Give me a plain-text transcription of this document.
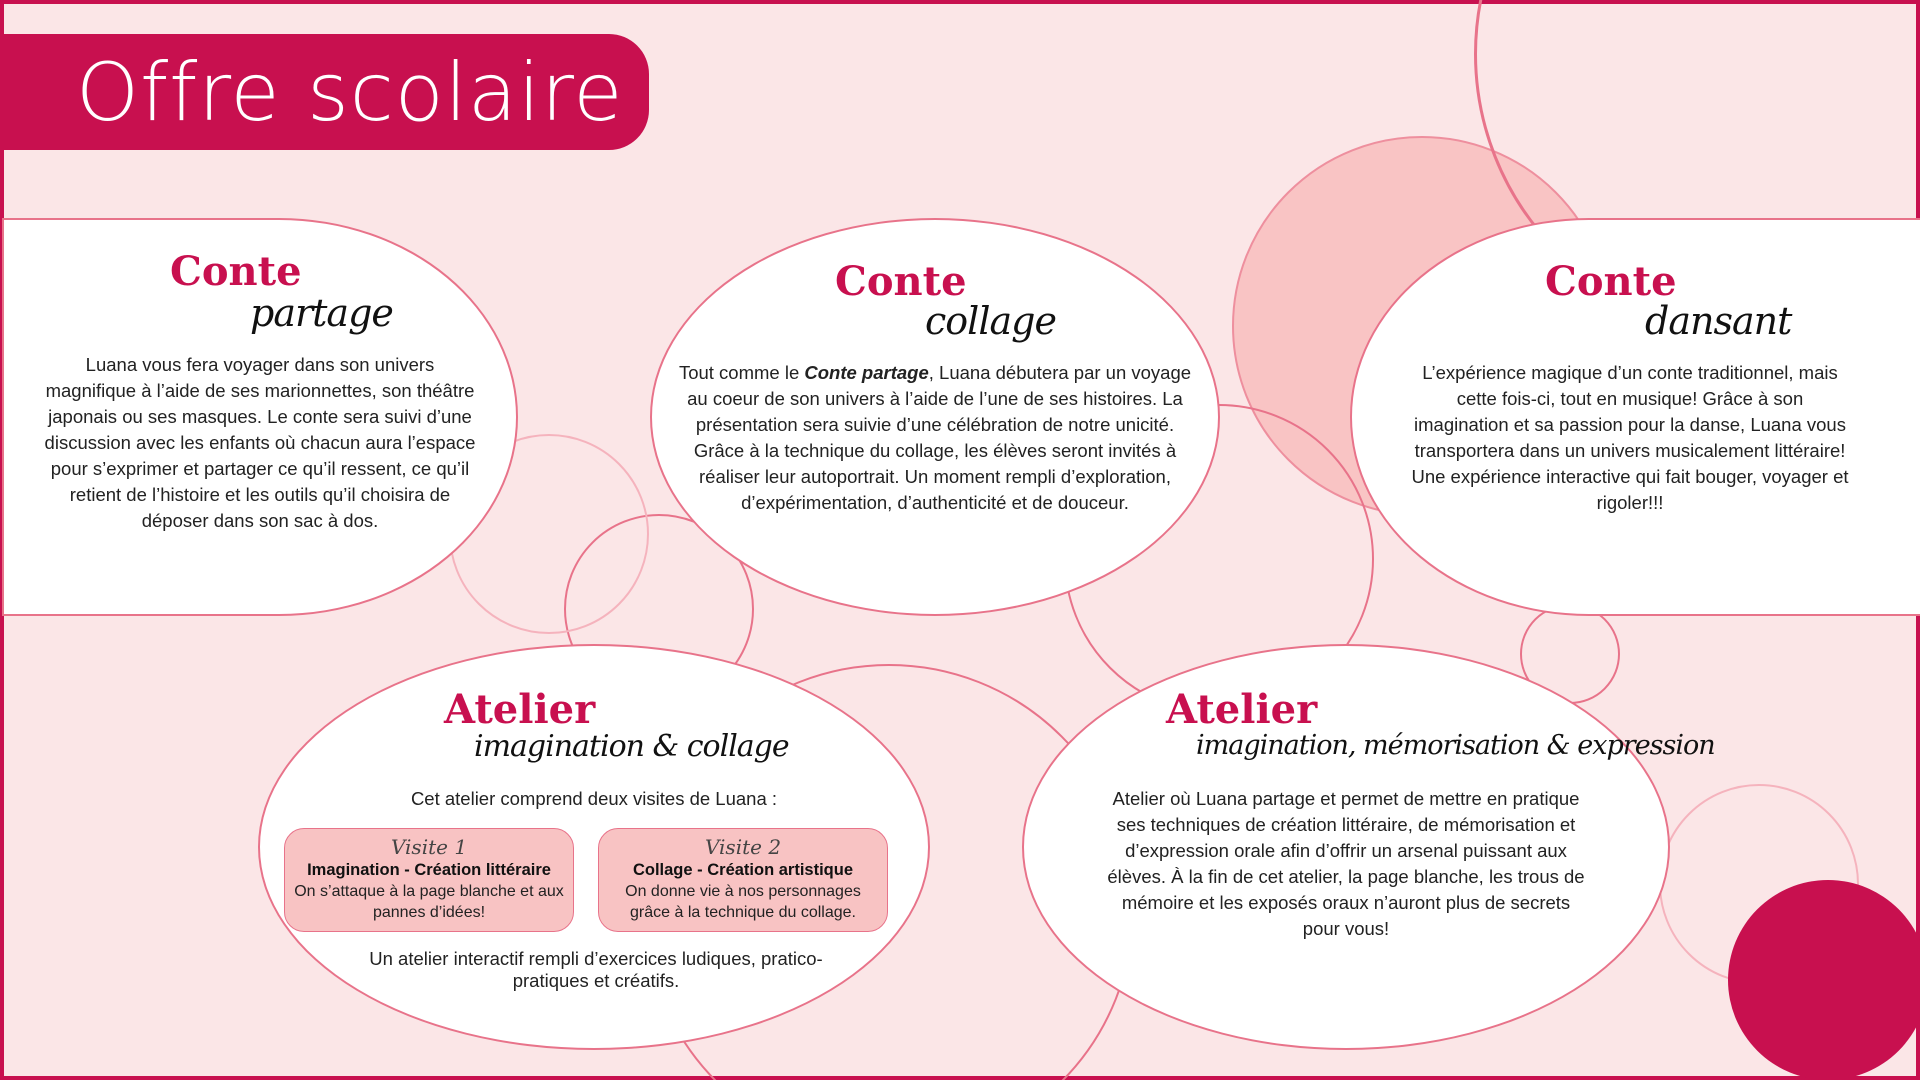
Offre scolaire
Conte
partage

Luana vous fera voyager dans son univers magnifique à l’aide de ses marionnettes, son théâtre japonais ou ses masques. Le conte sera suivi d’une discussion avec les enfants où chacun aura l’espace pour s’exprimer et partager ce qu’il ressent, ce qu’il retient de l’histoire et les outils qu’il choisira de déposer dans son sac à dos.

Conte
collage

Tout comme le Conte partage, Luana débutera par un voyage au coeur de son univers à l’aide de l’une de ses histoires. La présentation sera suivie d’une célébration de notre unicité. Grâce à la technique du collage, les élèves seront invités à réaliser leur autoportrait. Un moment rempli d’exploration, d’expérimentation, d’authenticité et de douceur.

Conte
dansant

L’expérience magique d’un conte traditionnel, mais cette fois-ci, tout en musique! Grâce à son imagination et sa passion pour la danse, Luana vous transportera dans un univers musicalement littéraire! Une expérience interactive qui fait bouger, voyager et rigoler!!!

Atelier
imagination & collage

Cet atelier comprend deux visites de Luana :

Visite 1
Imagination - Création littéraire
On s’attaque à la page blanche et aux pannes d’idées!
Visite 2
Collage - Création artistique
On donne vie à nos personnages grâce à la technique du collage.

Un atelier interactif rempli d’exercices ludiques, pratico-pratiques et créatifs.

Atelier
imagination, mémorisation & expression

Atelier où Luana partage et permet de mettre en pratique ses techniques de création littéraire, de mémorisation et d’expression orale afin d’offrir un arsenal puissant aux élèves. À la fin de cet atelier, la page blanche, les trous de mémoire et les exposés oraux n’auront plus de secrets pour vous!
